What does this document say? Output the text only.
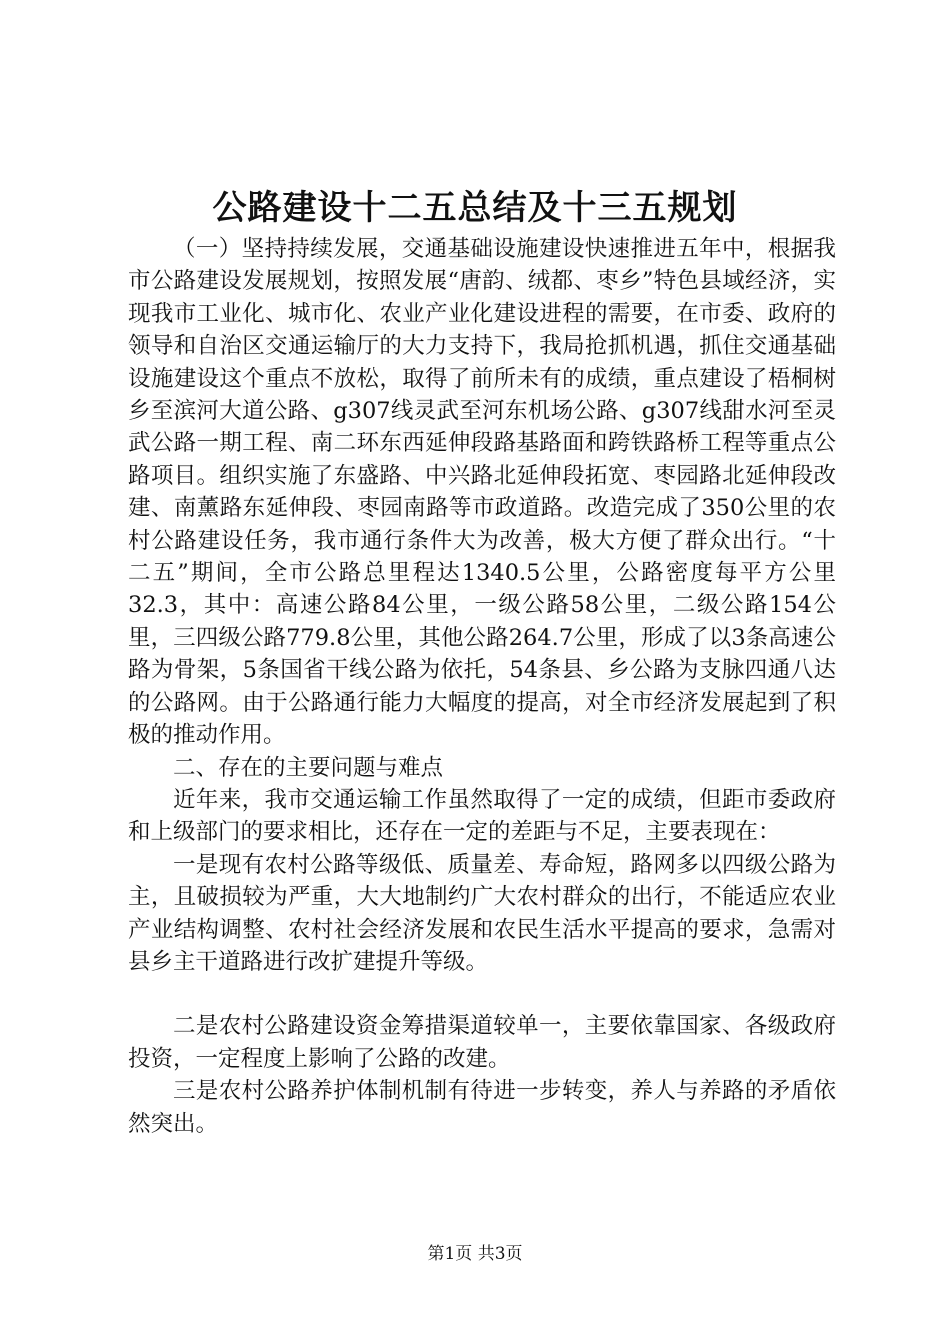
公路建设十二五总结及十三五规划

（一）坚持持续发展，交通基础设施建设快速推进五年中，根据我市公路建设发展规划，按照发展“唐韵、绒都、枣乡”特色县域经济，实现我市工业化、城市化、农业产业化建设进程的需要，在市委、政府的领导和自治区交通运输厅的大力支持下，我局抢抓机遇，抓住交通基础设施建设这个重点不放松，取得了前所未有的成绩，重点建设了梧桐树乡至滨河大道公路、g307线灵武至河东机场公路、g307线甜水河至灵武公路一期工程、南二环东西延伸段路基路面和跨铁路桥工程等重点公路项目。组织实施了东盛路、中兴路北延伸段拓宽、枣园路北延伸段改建、南薰路东延伸段、枣园南路等市政道路。改造完成了350公里的农村公路建设任务，我市通行条件大为改善，极大方便了群众出行。“十二五”期间，全市公路总里程达1340.5公里，公路密度每平方公里32.3，其中：高速公路84公里，一级公路58公里，二级公路154公里，三四级公路779.8公里，其他公路264.7公里，形成了以3条高速公路为骨架，5条国省干线公路为依托，54条县、乡公路为支脉四通八达的公路网。由于公路通行能力大幅度的提高，对全市经济发展起到了积极的推动作用。

二、存在的主要问题与难点

近年来，我市交通运输工作虽然取得了一定的成绩，但距市委政府和上级部门的要求相比，还存在一定的差距与不足，主要表现在：

一是现有农村公路等级低、质量差、寿命短，路网多以四级公路为主，且破损较为严重，大大地制约广大农村群众的出行，不能适应农业产业结构调整、农村社会经济发展和农民生活水平提高的要求，急需对县乡主干道路进行改扩建提升等级。

二是农村公路建设资金筹措渠道较单一，主要依靠国家、各级政府投资，一定程度上影响了公路的改建。

三是农村公路养护体制机制有待进一步转变，养人与养路的矛盾依然突出。

第1页 共3页
